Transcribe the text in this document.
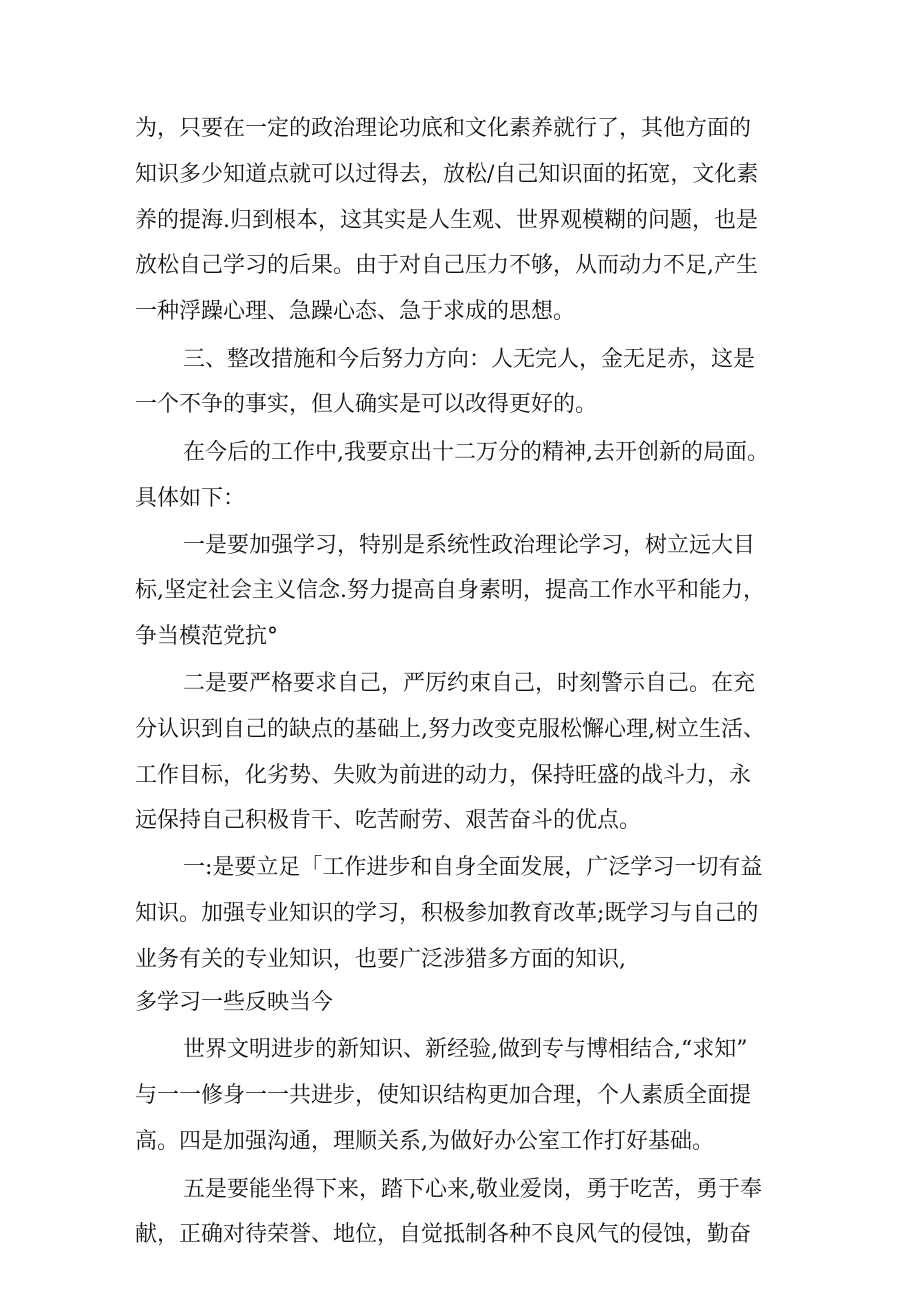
为，只要在一定的政治理论功底和文化素养就行了，其他方面的
知识多少知道点就可以过得去，放松/自己知识面的拓宽，文化素
养的提海.归到根本，这其实是人生观、世界观模糊的问题，也是
放松自己学习的后果。由于对自己压力不够，从而动力不足,产生
一种浮躁心理、急躁心态、急于求成的思想。
三、整改措施和今后努力方向：人无完人，金无足赤，这是
一个不争的事实，但人确实是可以改得更好的。
在今后的工作中,我要京出十二万分的精神,去开创新的局面。
具体如下：
一是要加强学习，特别是系统性政治理论学习，树立远大目
标,坚定社会主义信念.努力提高自身素明，提高工作水平和能力，
争当模范党抗°
二是要严格要求自己，严厉约束自己，时刻警示自己。在充
分认识到自己的缺点的基础上,努力改变克服松懈心理,树立生活、
工作目标，化劣势、失败为前进的动力，保持旺盛的战斗力，永
远保持自己积极肯干、吃苦耐劳、艰苦奋斗的优点。
一:是要立足「工作进步和自身全面发展，广泛学习一切有益
知识。加强专业知识的学习，积极参加教育改革;既学习与自己的
业务有关的专业知识，也要广泛涉猎多方面的知识,
多学习一些反映当今
世界文明进步的新知识、新经验,做到专与博相结合,“求知”
与一一修身一一共进步，使知识结构更加合理，个人素质全面提
高。四是加强沟通，理顺关系,为做好办公室工作打好基础。
五是要能坐得下来，踏下心来,敬业爱岗，勇于吃苦，勇于奉
献，正确对待荣誉、地位，自觉抵制各种不良风气的侵蚀，勤奋
